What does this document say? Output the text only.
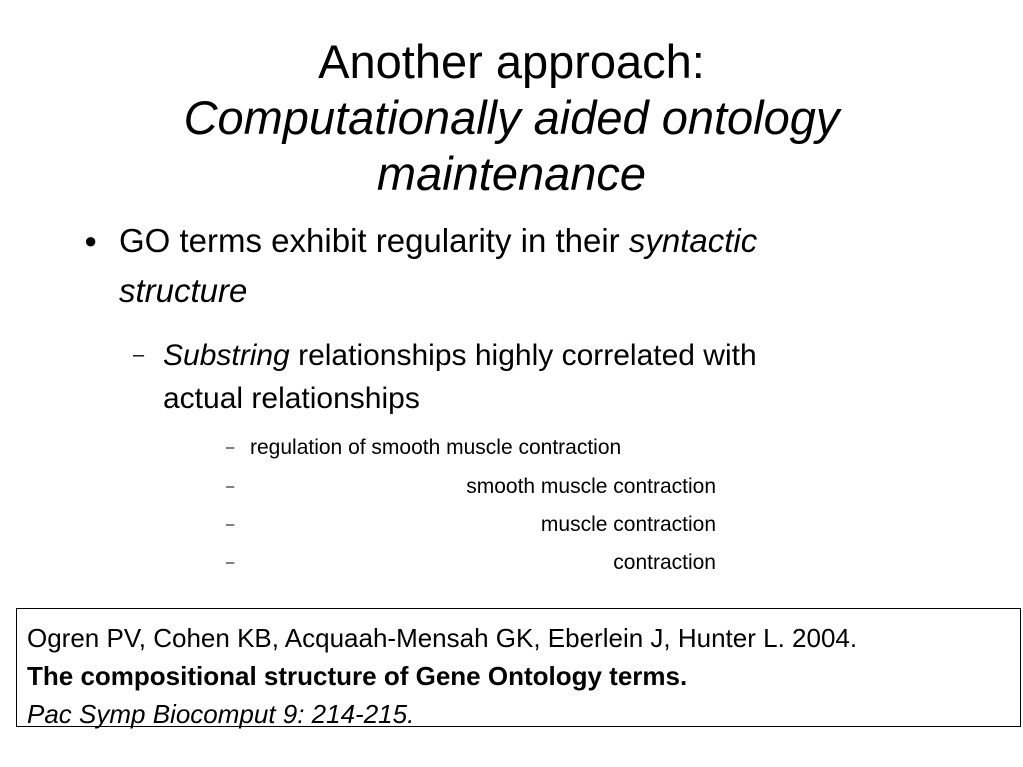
Another approach:
Computationally aided ontology
maintenance
● GO terms exhibit regularity in their syntactic
structure
– Substring relationships highly correlated with
actual relationships
– regulation of smooth muscle contraction
–	smooth muscle contraction
–	muscle contraction
–	contraction
Ogren PV, Cohen KB, Acquaah-Mensah GK, Eberlein J, Hunter L. 2004.
The compositional structure of Gene Ontology terms.
Pac Symp Biocomput 9: 214-215.
